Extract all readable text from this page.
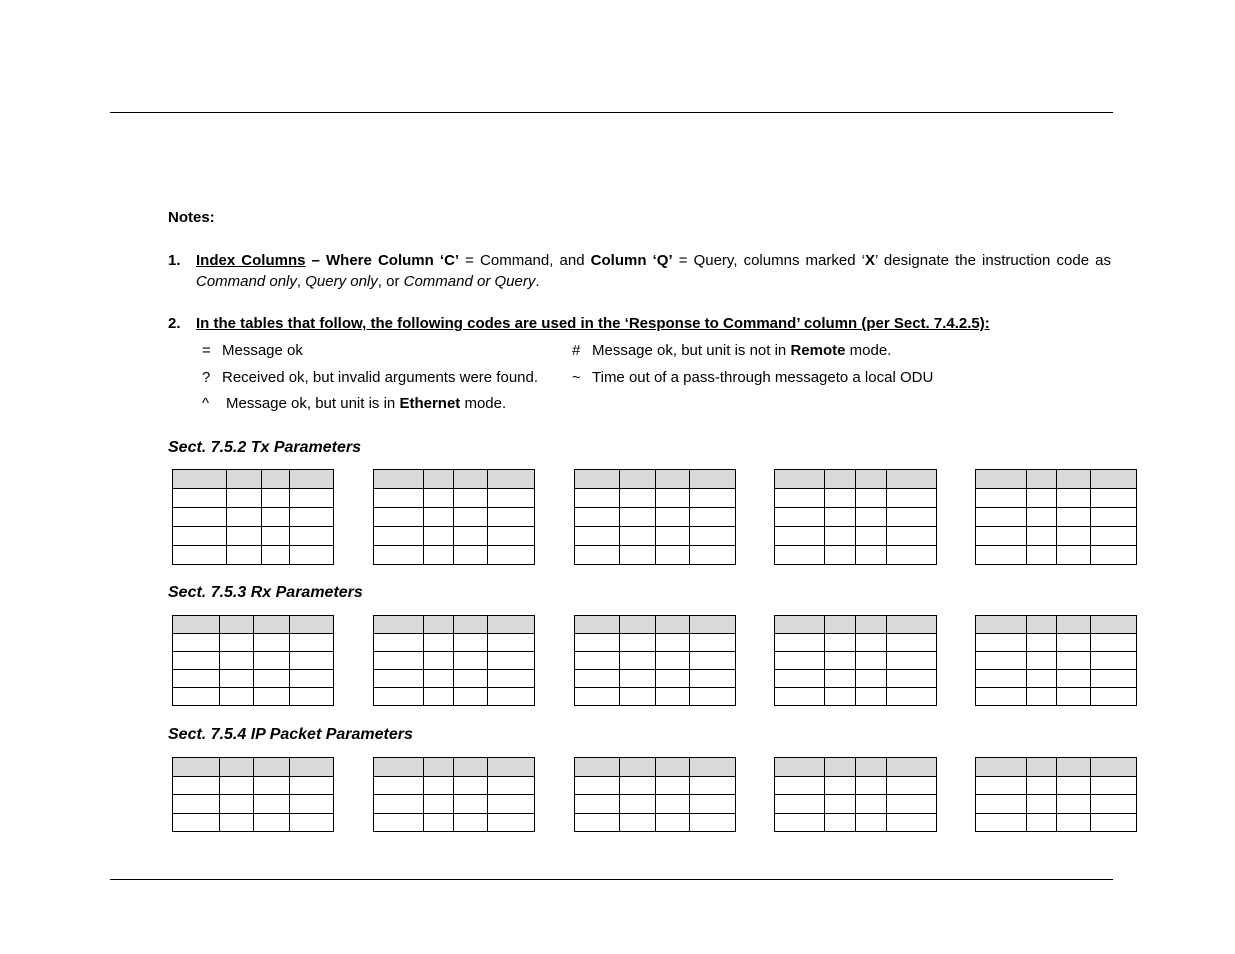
Notes:
1. Index Columns – Where Column ‘C’ = Command, and Column ‘Q’ = Query, columns marked ‘X’ designate the instruction code as Command only, Query only, or Command or Query.
2. In the tables that follow, the following codes are used in the ‘Response to Command’ column (per Sect. 7.4.2.5):
= Message ok	# Message ok, but unit is not in Remote mode.
? Received ok, but invalid arguments were found. ~ Time out of a pass-through messageto a local ODU
^ Message ok, but unit is in Ethernet mode.
Sect. 7.5.2 Tx Parameters
Sect. 7.5.3 Rx Parameters
Sect. 7.5.4 IP Packet Parameters
